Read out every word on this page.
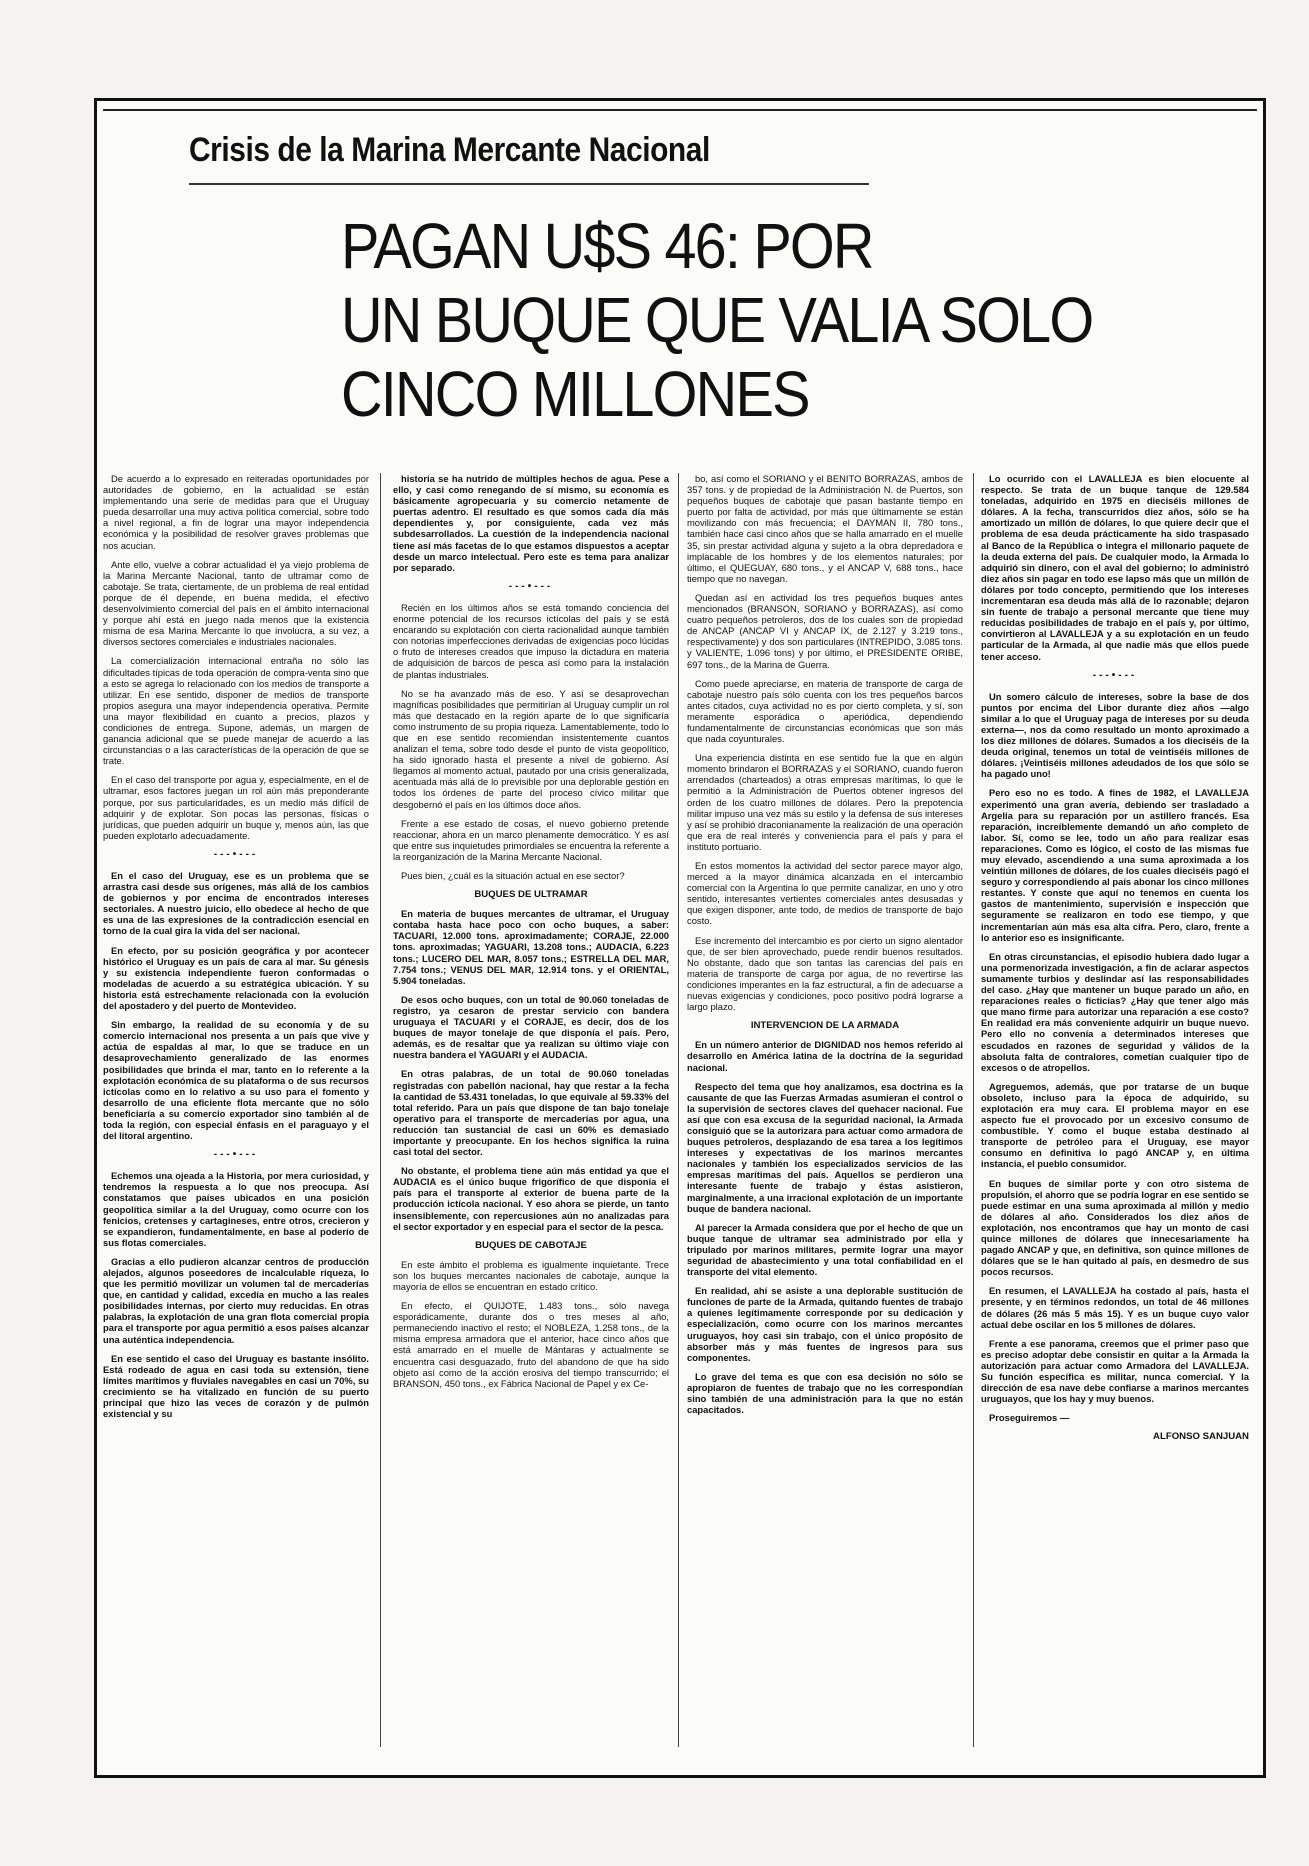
Crisis de la Marina Mercante Nacional
PAGAN U$S 46: POR
UN BUQUE QUE VALIA SOLO
CINCO MILLONES

De acuerdo a lo expresado en reiteradas oportunidades por autoridades de gobierno, en la actualidad se están implementando una serie de medidas para que el Uruguay pueda desarrollar una muy activa política comercial, sobre todo a nivel regional, a fin de lograr una mayor independencia económica y la posibilidad de resolver graves problemas que nos acucian.

Ante ello, vuelve a cobrar actualidad el ya viejo problema de la Marina Mercante Nacional, tanto de ultramar como de cabotaje. Se trata, ciertamente, de un problema de real entidad porque de él depende, en buena medida, el efectivo desenvolvimiento comercial del país en el ámbito internacional y porque ahí está en juego nada menos que la existencia misma de esa Marina Mercante lo que involucra, a su vez, a diversos sectores comerciales e industriales nacionales.

La comercialización internacional entraña no sólo las dificultades típicas de toda operación de compra-venta sino que a esto se agrega lo relacionado con los medios de transporte a utilizar. En ese sentido, disponer de medios de transporte propios asegura una mayor independencia operativa. Permite una mayor flexibilidad en cuanto a precios, plazos y condiciones de entrega. Supone, además, un margen de ganancia adicional que se puede manejar de acuerdo a las circunstancias o a las características de la operación de que se trate.

En el caso del transporte por agua y, especialmente, en el de ultramar, esos factores juegan un rol aún más preponderante porque, por sus particularidades, es un medio más difícil de adquirir y de explotar. Son pocas las personas, físicas o jurídicas, que pueden adquirir un buque y, menos aún, las que pueden explotarlo adecuadamente.

---•---

En el caso del Uruguay, ese es un problema que se arrastra casi desde sus orígenes, más allá de los cambios de gobiernos y por encima de encontrados intereses sectoriales. A nuestro juicio, ello obedece al hecho de que es una de las expresiones de la contradicción esencial en torno de la cual gira la vida del ser nacional.

En efecto, por su posición geográfica y por acontecer histórico el Uruguay es un país de cara al mar. Su génesis y su existencia independiente fueron conformadas o modeladas de acuerdo a su estratégica ubicación. Y su historia está estrechamente relacionada con la evolución del apostadero y del puerto de Montevideo.

Sin embargo, la realidad de su economía y de su comercio internacional nos presenta a un país que vive y actúa de espaldas al mar, lo que se traduce en un desaprovechamiento generalizado de las enormes posibilidades que brinda el mar, tanto en lo referente a la explotación económica de su plataforma o de sus recursos ictícolas como en lo relativo a su uso para el fomento y desarrollo de una eficiente flota mercante que no sólo beneficiaría a su comercio exportador sino también al de toda la región, con especial énfasis en el paraguayo y el del litoral argentino.

---•---

Echemos una ojeada a la Historia, por mera curiosidad, y tendremos la respuesta a lo que nos preocupa. Así constatamos que países ubicados en una posición geopolítica similar a la del Uruguay, como ocurre con los fenicios, cretenses y cartagineses, entre otros, crecieron y se expandieron, fundamentalmente, en base al poderío de sus flotas comerciales.

Gracias a ello pudieron alcanzar centros de producción alejados, algunos poseedores de incalculable riqueza, lo que les permitió movilizar un volumen tal de mercaderías que, en cantidad y calidad, excedía en mucho a las reales posibilidades internas, por cierto muy reducidas. En otras palabras, la explotación de una gran flota comercial propia para el transporte por agua permitió a esos países alcanzar una auténtica independencia.

En ese sentido el caso del Uruguay es bastante insólito. Está rodeado de agua en casi toda su extensión, tiene límites marítimos y fluviales navegables en casi un 70%, su crecimiento se ha vitalizado en función de su puerto principal que hizo las veces de corazón y de pulmón existencial y su

historia se ha nutrido de múltiples hechos de agua. Pese a ello, y casi como renegando de sí mismo, su economía es básicamente agropecuaria y su comercio netamente de puertas adentro. El resultado es que somos cada día más dependientes y, por consiguiente, cada vez más subdesarrollados. La cuestión de la independencia nacional tiene así más facetas de lo que estamos dispuestos a aceptar desde un marco intelectual. Pero este es tema para analizar por separado.

---•---

Recién en los últimos años se está tomando conciencia del enorme potencial de los recursos ictícolas del país y se está encarando su explotación con cierta racionalidad aunque también con notorias imperfecciones derivadas de exigencias poco lúcidas o fruto de intereses creados que impuso la dictadura en materia de adquisición de barcos de pesca así como para la instalación de plantas industriales.

No se ha avanzado más de eso. Y así se desaprovechan magníficas posibilidades que permitirían al Uruguay cumplir un rol más que destacado en la región aparte de lo que significaría como instrumento de su propia riqueza. Lamentablemente, todo lo que en ese sentido recomiendan insistentemente cuantos analizan el tema, sobre todo desde el punto de vista geopolítico, ha sido ignorado hasta el presente a nivel de gobierno. Así llegamos al momento actual, pautado por una crisis generalizada, acentuada más allá de lo previsible por una deplorable gestión en todos los órdenes de parte del proceso cívico militar que desgobernó el país en los últimos doce años.

Frente a ese estado de cosas, el nuevo gobierno pretende reaccionar, ahora en un marco plenamente democrático. Y es así que entre sus inquietudes primordiales se encuentra la referente a la reorganización de la Marina Mercante Nacional.

Pues bien, ¿cuál es la situación actual en ese sector?

BUQUES DE ULTRAMAR

En materia de buques mercantes de ultramar, el Uruguay contaba hasta hace poco con ocho buques, a saber: TACUARI, 12.000 tons. aproximadamente; CORAJE, 22.000 tons. aproximadas; YAGUARI, 13.208 tons.; AUDACIA, 6.223 tons.; LUCERO DEL MAR, 8.057 tons.; ESTRELLA DEL MAR, 7.754 tons.; VENUS DEL MAR, 12.914 tons. y el ORIENTAL, 5.904 toneladas.

De esos ocho buques, con un total de 90.060 toneladas de registro, ya cesaron de prestar servicio con bandera uruguaya el TACUARI y el CORAJE, es decir, dos de los buques de mayor tonelaje de que disponía el país. Pero, además, es de resaltar que ya realizan su último viaje con nuestra bandera el YAGUARI y el AUDACIA.

En otras palabras, de un total de 90.060 toneladas registradas con pabellón nacional, hay que restar a la fecha la cantidad de 53.431 toneladas, lo que equivale al 59.33% del total referido. Para un país que dispone de tan bajo tonelaje operativo para el transporte de mercaderías por agua, una reducción tan sustancial de casi un 60% es demasiado importante y preocupante. En los hechos significa la ruina casi total del sector.

No obstante, el problema tiene aún más entidad ya que el AUDACIA es el único buque frigorífico de que disponía el país para el transporte al exterior de buena parte de la producción ictícola nacional. Y eso ahora se pierde, un tanto insensiblemente, con repercusiones aún no analizadas para el sector exportador y en especial para el sector de la pesca.

BUQUES DE CABOTAJE

En este ámbito el problema es igualmente inquietante. Trece son los buques mercantes nacionales de cabotaje, aunque la mayoría de ellos se encuentran en estado crítico.

En efecto, el QUIJOTE, 1.483 tons., sólo navega esporádicamente, durante dos o tres meses al año, permaneciendo inactivo el resto; el NOBLEZA, 1.258 tons., de la misma empresa armadora que el anterior, hace cinco años que está amarrado en el muelle de Mántaras y actualmente se encuentra casi desguazado, fruto del abandono de que ha sido objeto así como de la acción erosiva del tiempo transcurrido; el BRANSON, 450 tons., ex Fábrica Nacional de Papel y ex Ce-

bo, así como el SORIANO y el BENITO BORRAZAS, ambos de 357 tons. y de propiedad de la Administración N. de Puertos, son pequeños buques de cabotaje que pasan bastante tiempo en puerto por falta de actividad, por más que últimamente se están movilizando con más frecuencia; el DAYMAN II, 780 tons., también hace casi cinco años que se halla amarrado en el muelle 35, sin prestar actividad alguna y sujeto a la obra depredadora e implacable de los hombres y de los elementos naturales; por último, el QUEGUAY, 680 tons., y el ANCAP V, 688 tons., hace tiempo que no navegan.

Quedan así en actividad los tres pequeños buques antes mencionados (BRANSON, SORIANO y BORRAZAS), así como cuatro pequeños petroleros, dos de los cuales son de propiedad de ANCAP (ANCAP VI y ANCAP IX, de 2.127 y 3.219 tons., respectivamente) y dos son particulares (INTREPIDO, 3.085 tons. y VALIENTE, 1.096 tons) y por último, el PRESIDENTE ORIBE, 697 tons., de la Marina de Guerra.

Como puede apreciarse, en materia de transporte de carga de cabotaje nuestro país sólo cuenta con los tres pequeños barcos antes citados, cuya actividad no es por cierto completa, y sí, son meramente esporádica o aperiódica, dependiendo fundamentalmente de circunstancias económicas que son más que nada coyunturales.

Una experiencia distinta en ese sentido fue la que en algún momento brindaron el BORRAZAS y el SORIANO, cuando fueron arrendados (charteados) a otras empresas marítimas, lo que le permitió a la Administración de Puertos obtener ingresos del orden de los cuatro millones de dólares. Pero la prepotencia militar impuso una vez más su estilo y la defensa de sus intereses y así se prohibió draconianamente la realización de una operación que era de real interés y conveniencia para el país y para el instituto portuario.

En estos momentos la actividad del sector parece mayor algo, merced a la mayor dinámica alcanzada en el intercambio comercial con la Argentina lo que permite canalizar, en uno y otro sentido, interesantes vertientes comerciales antes desusadas y que exigen disponer, ante todo, de medios de transporte de bajo costo.

Ese incremento del intercambio es por cierto un signo alentador que, de ser bien aprovechado, puede rendir buenos resultados. No obstante, dado que son tantas las carencias del país en materia de transporte de carga por agua, de no revertirse las condiciones imperantes en la faz estructural, a fin de adecuarse a nuevas exigencias y condiciones, poco positivo podrá lograrse a largo plazo.

INTERVENCION DE LA ARMADA

En un número anterior de DIGNIDAD nos hemos referido al desarrollo en América latina de la doctrina de la seguridad nacional.

Respecto del tema que hoy analizamos, esa doctrina es la causante de que las Fuerzas Armadas asumieran el control o la supervisión de sectores claves del quehacer nacional. Fue así que con esa excusa de la seguridad nacional, la Armada consiguió que se la autorizara para actuar como armadora de buques petroleros, desplazando de esa tarea a los legítimos intereses y expectativas de los marinos mercantes nacionales y también los especializados servicios de las empresas marítimas del país. Aquellos se perdieron una interesante fuente de trabajo y éstas asistieron, marginalmente, a una irracional explotación de un importante buque de bandera nacional.

Al parecer la Armada considera que por el hecho de que un buque tanque de ultramar sea administrado por ella y tripulado por marinos militares, permite lograr una mayor seguridad de abastecimiento y una total confiabilidad en el transporte del vital elemento.

En realidad, ahí se asiste a una deplorable sustitución de funciones de parte de la Armada, quitando fuentes de trabajo a quienes legítimamente corresponde por su dedicación y especialización, como ocurre con los marinos mercantes uruguayos, hoy casi sin trabajo, con el único propósito de absorber más y más fuentes de ingresos para sus componentes.

Lo grave del tema es que con esa decisión no sólo se apropiaron de fuentes de trabajo que no les correspondían sino también de una administración para la que no están capacitados.

Lo ocurrido con el LAVALLEJA es bien elocuente al respecto. Se trata de un buque tanque de 129.584 toneladas, adquirido en 1975 en dieciséis millones de dólares. A la fecha, transcurridos diez años, sólo se ha amortizado un millón de dólares, lo que quiere decir que el problema de esa deuda prácticamente ha sido traspasado al Banco de la República o integra el millonario paquete de la deuda externa del país. De cualquier modo, la Armada lo adquirió sin dinero, con el aval del gobierno; lo administró diez años sin pagar en todo ese lapso más que un millón de dólares por todo concepto, permitiendo que los intereses incrementaran esa deuda más allá de lo razonable; dejaron sin fuente de trabajo a personal mercante que tiene muy reducidas posibilidades de trabajo en el país y, por último, convirtieron al LAVALLEJA y a su explotación en un feudo particular de la Armada, al que nadie más que ellos puede tener acceso.

---•---

Un somero cálculo de intereses, sobre la base de dos puntos por encima del Libor durante diez años —algo similar a lo que el Uruguay paga de intereses por su deuda externa—, nos da como resultado un monto aproximado a los diez millones de dólares. Sumados a los dieciséis de la deuda original, tenemos un total de veintiséis millones de dólares. ¡Veintiséis millones adeudados de los que sólo se ha pagado uno!

Pero eso no es todo. A fines de 1982, el LAVALLEJA experimentó una gran avería, debiendo ser trasladado a Argelia para su reparación por un astillero francés. Esa reparación, increíblemente demandó un año completo de labor. Sí, como se lee, todo un año para realizar esas reparaciones. Como es lógico, el costo de las mismas fue muy elevado, ascendiendo a una suma aproximada a los veintiún millones de dólares, de los cuales dieciséis pagó el seguro y correspondiendo al país abonar los cinco millones restantes. Y conste que aquí no tenemos en cuenta los gastos de mantenimiento, supervisión e inspección que seguramente se realizaron en todo ese tiempo, y que incrementarían aún más esa alta cifra. Pero, claro, frente a lo anterior eso es insignificante.

En otras circunstancias, el episodio hubiera dado lugar a una pormenorizada investigación, a fin de aclarar aspectos sumamente turbios y deslindar así las responsabilidades del caso. ¿Hay que mantener un buque parado un año, en reparaciones reales o ficticias? ¿Hay que tener algo más que mano firme para autorizar una reparación a ese costo? En realidad era más conveniente adquirir un buque nuevo. Pero ello no convenía a determinados intereses que escudados en razones de seguridad y válidos de la absoluta falta de contralores, cometían cualquier tipo de excesos o de atropellos.

Agreguemos, además, que por tratarse de un buque obsoleto, incluso para la época de adquirido, su explotación era muy cara. El problema mayor en ese aspecto fue el provocado por un excesivo consumo de combustible. Y como el buque estaba destinado al transporte de petróleo para el Uruguay, ese mayor consumo en definitiva lo pagó ANCAP y, en última instancia, el pueblo consumidor.

En buques de similar porte y con otro sistema de propulsión, el ahorro que se podría lograr en ese sentido se puede estimar en una suma aproximada al millón y medio de dólares al año. Considerados los diez años de explotación, nos encontramos que hay un monto de casi quince millones de dólares que innecesariamente ha pagado ANCAP y que, en definitiva, son quince millones de dólares que se le han quitado al país, en desmedro de sus pocos recursos.

En resumen, el LAVALLEJA ha costado al país, hasta el presente, y en términos redondos, un total de 46 millones de dólares (26 más 5 más 15). Y es un buque cuyo valor actual debe oscilar en los 5 millones de dólares.

Frente a ese panorama, creemos que el primer paso que es preciso adoptar debe consistir en quitar a la Armada la autorización para actuar como Armadora del LAVALLEJA. Su función específica es militar, nunca comercial. Y la dirección de esa nave debe confiarse a marinos mercantes uruguayos, que los hay y muy buenos.

Proseguiremos —

ALFONSO SANJUAN
